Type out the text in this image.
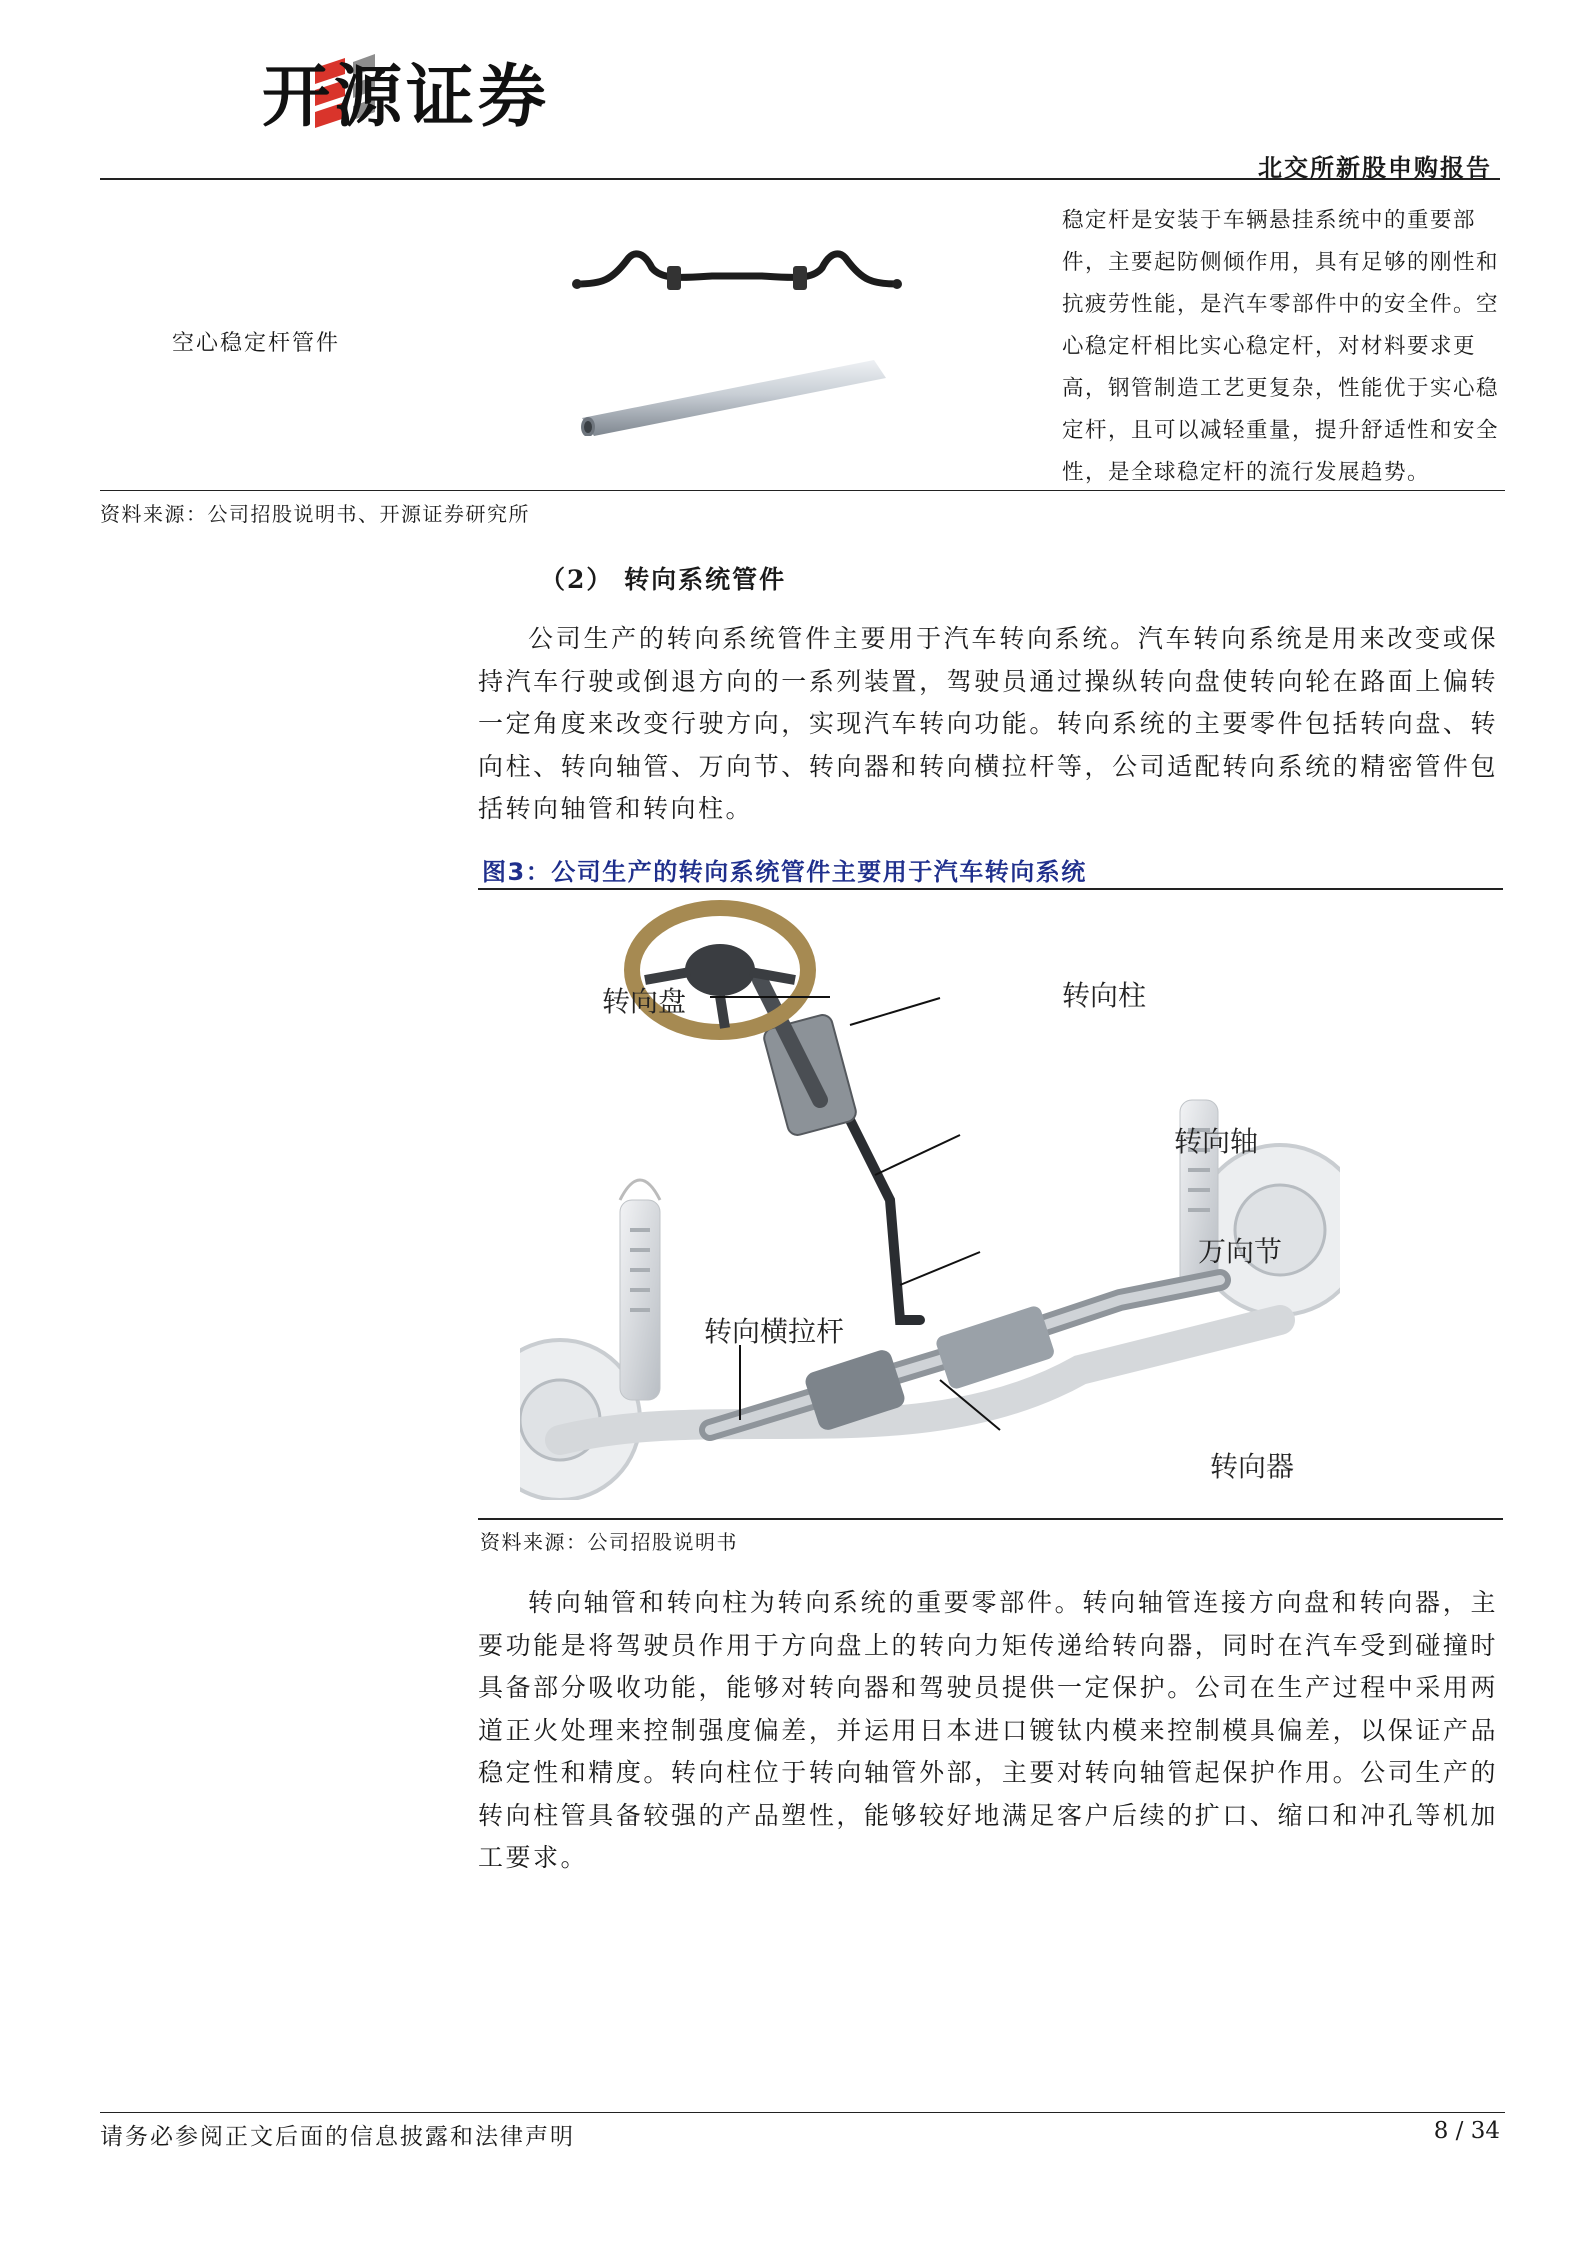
开源证券
北交所新股申购报告
空心稳定杆管件
稳定杆是安装于车辆悬挂系统中的重要部件，主要起防侧倾作用，具有足够的刚性和抗疲劳性能，是汽车零部件中的安全件。空心稳定杆相比实心稳定杆，对材料要求更高，钢管制造工艺更复杂，性能优于实心稳定杆，且可以减轻重量，提升舒适性和安全性，是全球稳定杆的流行发展趋势。
资料来源：公司招股说明书、开源证券研究所
（2） 转向系统管件

公司生产的转向系统管件主要用于汽车转向系统。汽车转向系统是用来改变或保持汽车行驶或倒退方向的一系列装置，驾驶员通过操纵转向盘使转向轮在路面上偏转一定角度来改变行驶方向，实现汽车转向功能。转向系统的主要零件包括转向盘、转向柱、转向轴管、万向节、转向器和转向横拉杆等，公司适配转向系统的精密管件包括转向轴管和转向柱。

图3：公司生产的转向系统管件主要用于汽车转向系统
转向盘	转向柱
转向轴
万向节
转向横拉杆
转向器
资料来源：公司招股说明书

转向轴管和转向柱为转向系统的重要零部件。转向轴管连接方向盘和转向器，主要功能是将驾驶员作用于方向盘上的转向力矩传递给转向器，同时在汽车受到碰撞时具备部分吸收功能，能够对转向器和驾驶员提供一定保护。公司在生产过程中采用两道正火处理来控制强度偏差，并运用日本进口镀钛内模来控制模具偏差，以保证产品稳定性和精度。转向柱位于转向轴管外部，主要对转向轴管起保护作用。公司生产的转向柱管具备较强的产品塑性，能够较好地满足客户后续的扩口、缩口和冲孔等机加工要求。

请务必参阅正文后面的信息披露和法律声明	8 / 34
